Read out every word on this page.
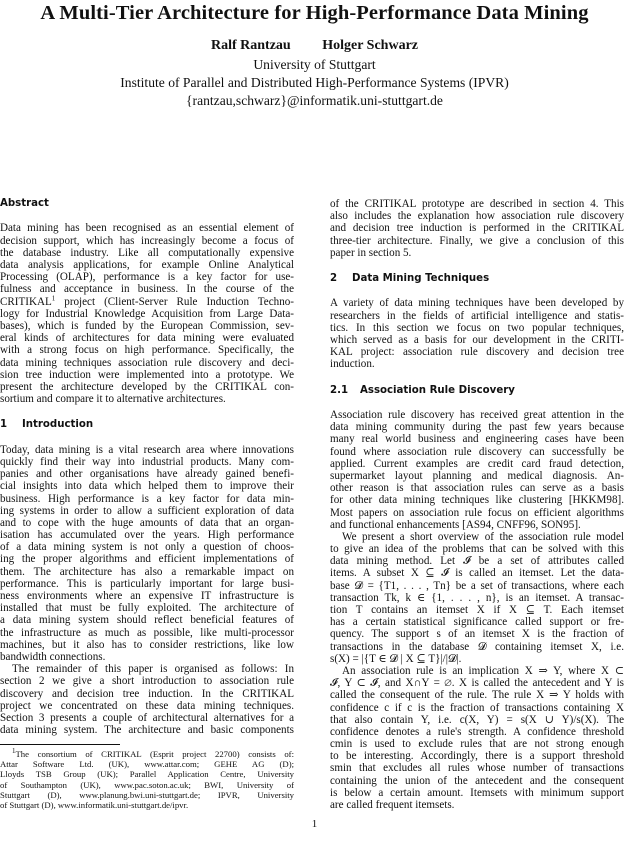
A Multi-Tier Architecture for High-Performance Data Mining
Ralf Rantzau Holger Schwarz
University of Stuttgart
Institute of Parallel and Distributed High-Performance Systems (IPVR)
{rantzau,schwarz}@informatik.uni-stuttgart.de
Abstract
Data mining has been recognised as an essential element of
decision support, which has increasingly become a focus of
the database industry. Like all computationally expensive
data analysis applications, for example Online Analytical
Processing (OLAP), performance is a key factor for use-
fulness and acceptance in business. In the course of the
CRITIKAL$^1$ project (Client-Server Rule Induction Techno-
logy for Industrial Knowledge Acquisition from Large Data-
bases), which is funded by the European Commission, sev-
eral kinds of architectures for data mining were evaluated
with a strong focus on high performance. Specifically, the
data mining techniques association rule discovery and deci-
sion tree induction were implemented into a prototype. We
present the architecture developed by the CRITIKAL con-
sortium and compare it to alternative architectures.
1 Introduction
Today, data mining is a vital research area where innovations
quickly find their way into industrial products. Many com-
panies and other organisations have already gained benefi-
cial insights into data which helped them to improve their
business. High performance is a key factor for data min-
ing systems in order to allow a sufficient exploration of data
and to cope with the huge amounts of data that an organ-
isation has accumulated over the years. High performance
of a data mining system is not only a question of choos-
ing the proper algorithms and efficient implementations of
them. The architecture has also a remarkable impact on
performance. This is particularly important for large busi-
ness environments where an expensive IT infrastructure is
installed that must be fully exploited. The architecture of
a data mining system should reflect beneficial features of
the infrastructure as much as possible, like multi-processor
machines, but it also has to consider restrictions, like low
bandwidth connections.
The remainder of this paper is organised as follows: In
section 2 we give a short introduction to association rule
discovery and decision tree induction. In the CRITIKAL
project we concentrated on these data mining techniques.
Section 3 presents a couple of architectural alternatives for a
data mining system. The architecture and basic components
$^1$The consortium of CRITIKAL (Esprit project 22700) consists of:
Attar Software Ltd. (UK), www.attar.com; GEHE AG (D);
Lloyds TSB Group (UK); Parallel Application Centre, University
of Southampton (UK), www.pac.soton.ac.uk; BWI, University of
Stuttgart (D), www.planung.bwi.uni-stuttgart.de; IPVR, University
of Stuttgart (D), www.informatik.uni-stuttgart.de/ipvr.
of the CRITIKAL prototype are described in section 4. This
also includes the explanation how association rule discovery
and decision tree induction is performed in the CRITIKAL
three-tier architecture. Finally, we give a conclusion of this
paper in section 5.
2 Data Mining Techniques
A variety of data mining techniques have been developed by
researchers in the fields of artificial intelligence and statis-
tics. In this section we focus on two popular techniques,
which served as a basis for our development in the CRITI-
KAL project: association rule discovery and decision tree
induction.
2.1 Association Rule Discovery
Association rule discovery has received great attention in the
data mining community during the past few years because
many real world business and engineering cases have been
found where association rule discovery can successfully be
applied. Current examples are credit card fraud detection,
supermarket layout planning and medical diagnosis. An-
other reason is that association rules can serve as a basis
for other data mining techniques like clustering [HKKM98].
Most papers on association rule focus on efficient algorithms
and functional enhancements [AS94, CNFF96, SON95].
We present a short overview of the association rule model
to give an idea of the problems that can be solved with this
data mining method. Let 𝓘 be a set of attributes called
items. A subset X ⊆ 𝓘 is called an itemset. Let the data-
base 𝓓 = {T1, . . . , Tn} be a set of transactions, where each
transaction Tk, k ∈ {1, . . . , n}, is an itemset. A transac-
tion T contains an itemset X if X ⊆ T. Each itemset
has a certain statistical significance called support or fre-
quency. The support s of an itemset X is the fraction of
transactions in the database 𝓓 containing itemset X, i.e.
s(X) = |{T ∈ 𝓓 | X ⊆ T}|/|𝓓|.
An association rule is an implication X ⇒ Y, where X ⊂
𝓘, Y ⊂ 𝓘, and X∩Y = ∅. X is called the antecedent and Y is
called the consequent of the rule. The rule X ⇒ Y holds with
confidence c if c is the fraction of transactions containing X
that also contain Y, i.e. c(X, Y) = s(X ∪ Y)/s(X). The
confidence denotes a rule's strength. A confidence threshold
cmin is used to exclude rules that are not strong enough
to be interesting. Accordingly, there is a support threshold
smin that excludes all rules whose number of transactions
containing the union of the antecedent and the consequent
is below a certain amount. Itemsets with minimum support
are called frequent itemsets.
1
